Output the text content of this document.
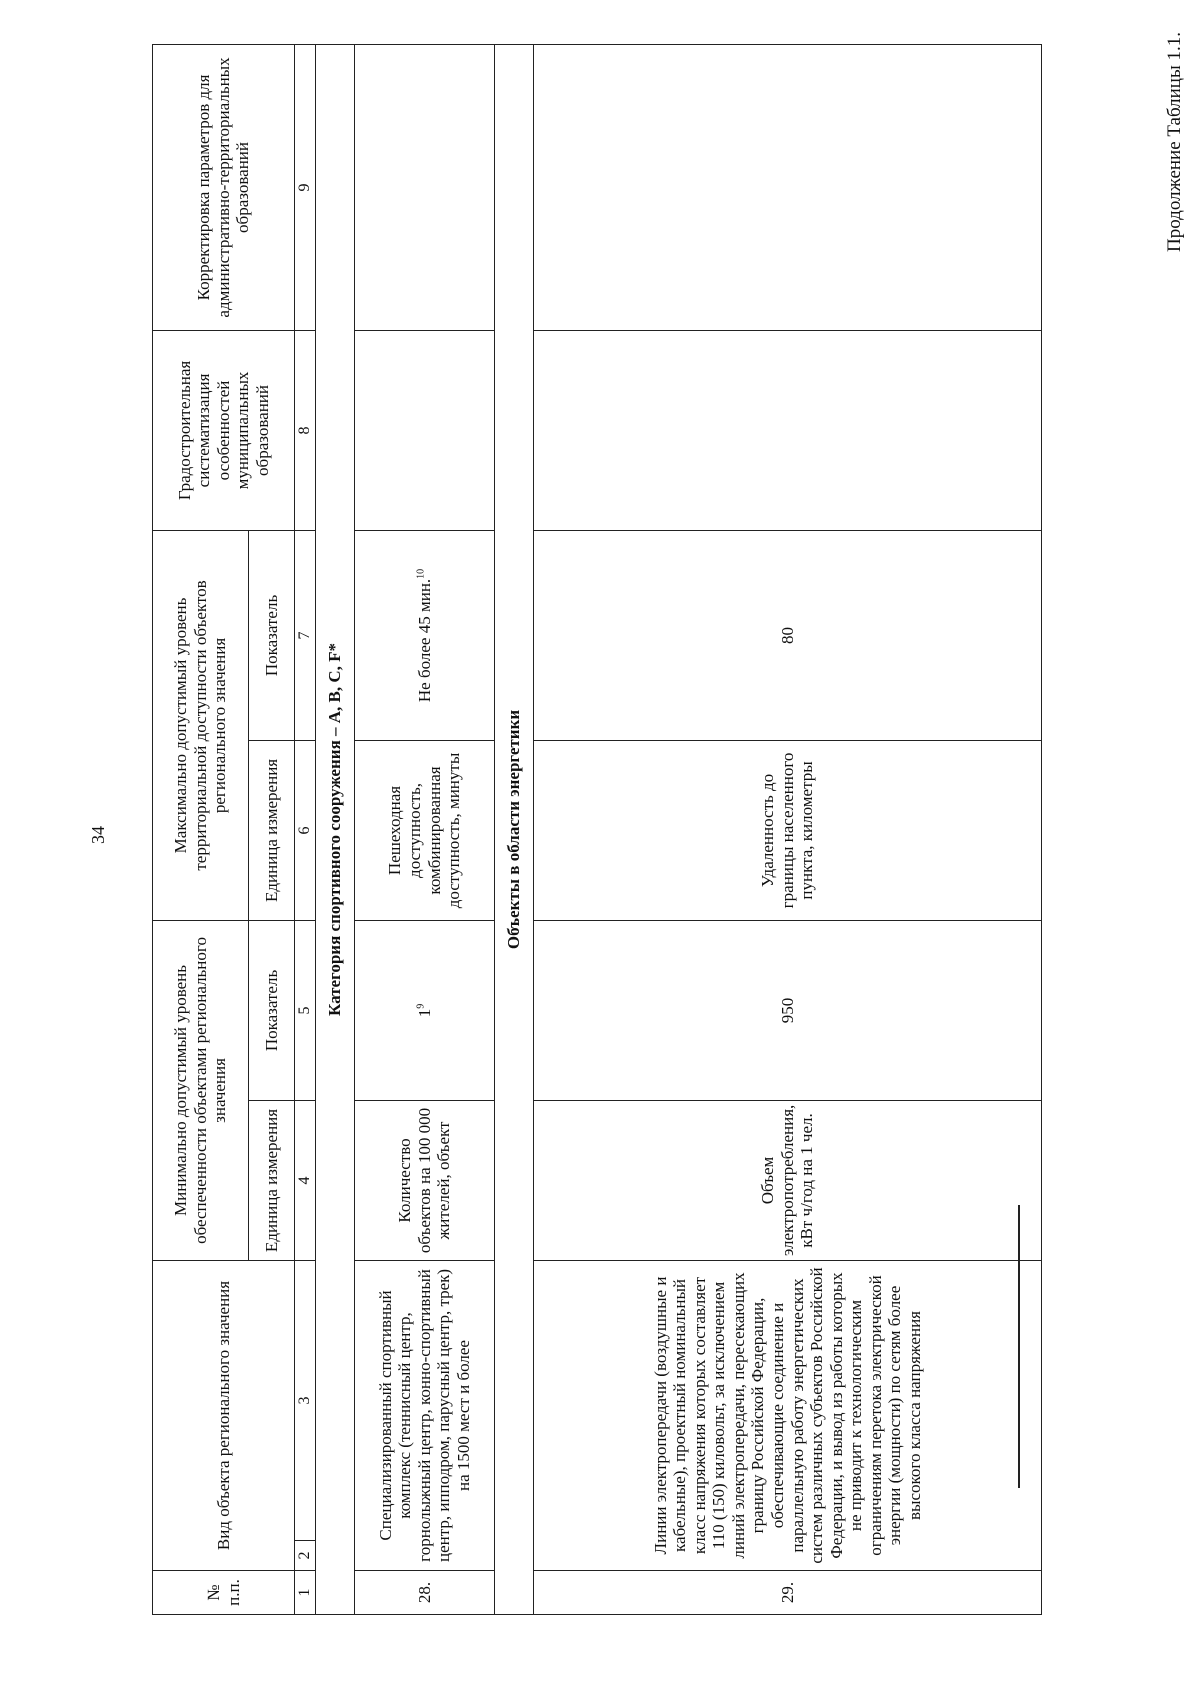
34
Продолжение Таблицы 1.1.
№ п.п.	Вид объекта регионального значения		Минимально допустимый уровень обеспеченности объектами регионального значения		Максимально допустимый уровень территориальной доступности объектов регионального значения		Градостроительная систематизация особенностей муниципальных образований	Корректировка параметров для административно-территориальных образований
			Единица измерения	Показатель	Единица измерения	Показатель		
1	2	3	4	5	6	7	8	9
Категория спортивного сооружения – A, B, C, F*								
28.	Специализированный спортивный комплекс (теннисный центр, горнолыжный центр, конно-спортивный центр, ипподром, парусный центр, трек) на 1500 мест и более		Количество объектов на 100 000 жителей, объект	$1^9$	Пешеходная доступность, комбинированная доступность, минуты	Не более 45 мин.$^{10}$		
Объекты в области энергетики								
29.	Линии электропередачи (воздушные и кабельные), проектный номинальный класс напряжения которых составляет 110 (150) киловольт, за исключением линий электропередачи, пересекающих границу Российской Федерации, обеспечивающие соединение и параллельную работу энергетических систем различных субъектов Российской Федерации, и вывод из работы которых не приводит к технологическим ограничениям перетока электрической энергии (мощности) по сетям более высокого класса напряжения		Объем электропотребления, кВт ч/год на 1 чел.	950	Удаленность до границы населенного пункта, километры	80		
